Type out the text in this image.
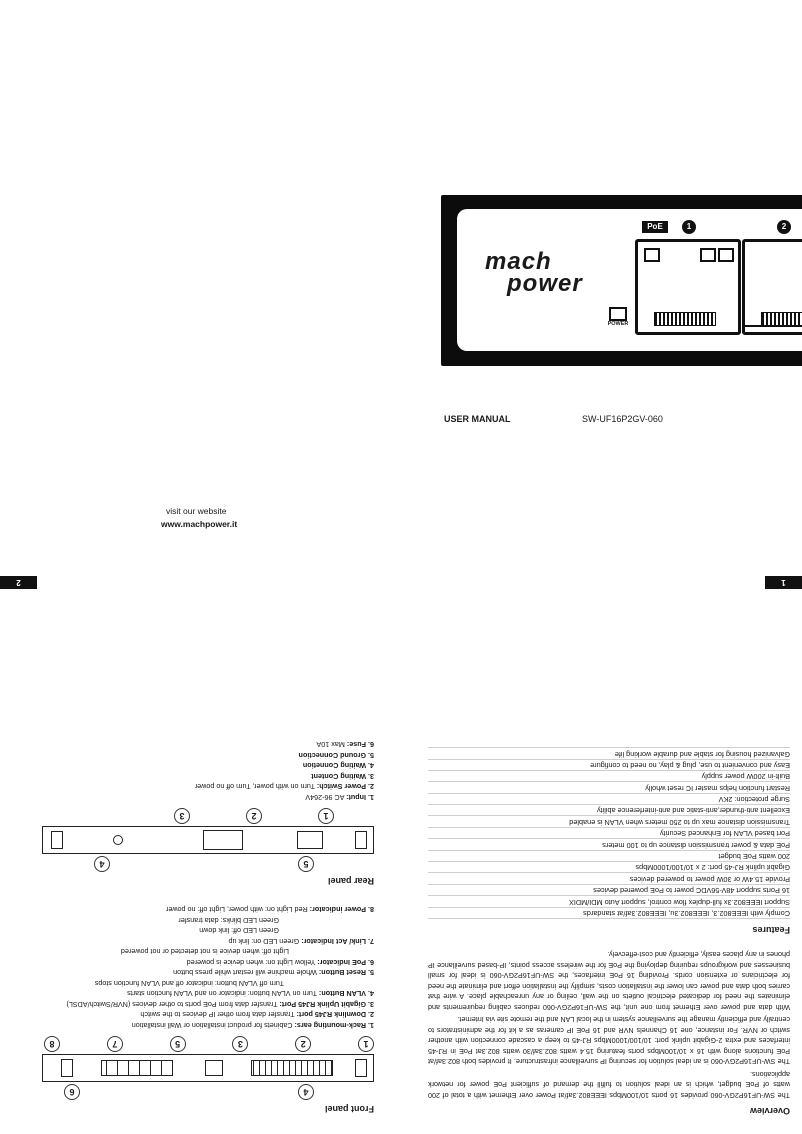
mach
power
PoE	1	2
POWER
USER MANUAL	SW-UF16P2GV-060
visit our website
www.machpower.it
2	1
Overview
The SW-UF16P2GV-060 provides 16 ports 10/100Mbps IEEE802.3af/at Power over Ethernet with a total of 200 watts of PoE budget, which is an ideal solution to fulfill the demand of sufficient PoE power for network applications.
The SW-UF16P2GV-060 is an ideal solution for securing IP surveillance infrastructure. It provides both 802.3af/at PoE functions along with 16 x 10/100Mbps ports featuring 15.4 watts 802.3af/30 watts 802.3at PoE in RJ-45 interfaces and extra 2-Gigabit uplink port: 10/100/1000Mbps RJ-45 to keep a cascade connection with another switch or NVR. For instance, one 16 Channels NVR and 16 PoE IP cameras as a kit for the administrators to centrally and efficiently manage the surveillance system in the local LAN and the remote site via Internet.
With data and power over Ethernet from one unit, the SW-UF16P2GV-060 reduces cabling requirements and eliminates the need for dedicated electrical outlets on the wall, ceiling or any unreachable place. A wire that carries both data and power can lower the installation costs, simplify the installation effort and eliminate the need for electricians or extension cords. Providing 16 PoE interfaces, the SW-UF16P2GV-060 is ideal for small businesses and workgroups requiring deploying the PoE for the wireless access points, IP-based surveillance IP phones in any places easily, efficiently and cost-effecvely.
Features
Comply with IEEE802.3, IEEE802.3u, IEEE802.3af/at standards
Support IEEE802.3x full-duplex flow control, support Auto MDI/MDIX
16 Ports support 48V-56VDC power to PoE powered devices
Provide 15.4W or 30W power to powered devices
Gigabit uplink RJ-45 port: 2 x 10/100/1000Mbps
200 watts PoE budget
PoE data & power transmission distance up to 100 meters
Port based VLAN for Enhanced Security
Transmission distance max up to 250 meters when VLAN is enabled
Excellent anti-thunder,anti-static and anti-interference ability
Surge protection: 2KV
Restart function helps master IC reset wholly
Built-in 200W power supply
Easy and convenient to use, plug & play, no need to configure
Galvanized housing for stable and durable working life
Front panel
4
6
1
2
3
5
7
8
1. Rack-mounting ears: Cabinets for product installation or Wall installation
2. Downlink RJ45 port: Transfer data from other IP devices to the switch
3. Gigabit Uplink RJ45 Port: Transfer data from PoE ports to other devices (NVR/Switch/ADSL)
4. VLAN Button: Turn on VLAN button: indicator on and VLAN function starts
Turn off VLAN button: indicator off and VLAN function stops
5. Reset Button: Whole machine will restart while press button
6. PoE Indicator: Yellow Light on: when device is powered
Light off: when device is not detected or not powered
7. Link/ Act Indicator: Green LED on: link up
Green LED off: link down
Green LED blinks: data transfer
8. Power indicator: Red Light on: with power, Light off: no power
Rear panel
5
4
1
2
3
1. Input: AC 96-264V
2. Power Switch: Turn on with power, Turn off no power
3. Waiting Content
4. Waiting Connetion
5. Ground Connection
6. Fuse: Max 10A
